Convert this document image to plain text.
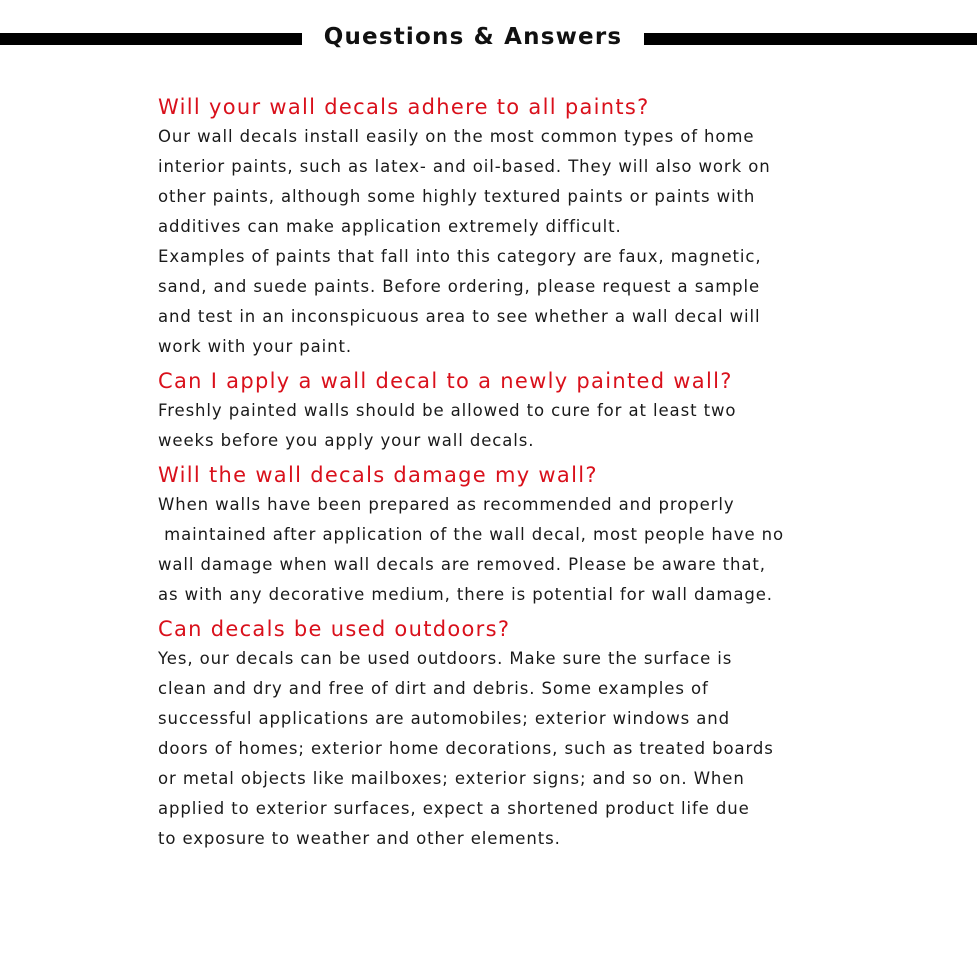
Questions & Answers
Will your wall decals adhere to all paints?

Our wall decals install easily on the most common types of home

interior paints, such as latex- and oil-based. They will also work on

other paints, although some highly textured paints or paints with

additives can make application extremely difficult.

Examples of paints that fall into this category are faux, magnetic,

sand, and suede paints. Before ordering, please request a sample

and test in an inconspicuous area to see whether a wall decal will

work with your paint.

Can I apply a wall decal to a newly painted wall?

Freshly painted walls should be allowed to cure for at least two

weeks before you apply your wall decals.

Will the wall decals damage my wall?

When walls have been prepared as recommended and properly

maintained after application of the wall decal, most people have no

wall damage when wall decals are removed. Please be aware that,

as with any decorative medium, there is potential for wall damage.

Can decals be used outdoors?

Yes, our decals can be used outdoors. Make sure the surface is

clean and dry and free of dirt and debris. Some examples of

successful applications are automobiles; exterior windows and

doors of homes; exterior home decorations, such as treated boards

or metal objects like mailboxes; exterior signs; and so on. When

applied to exterior surfaces, expect a shortened product life due

to exposure to weather and other elements.
